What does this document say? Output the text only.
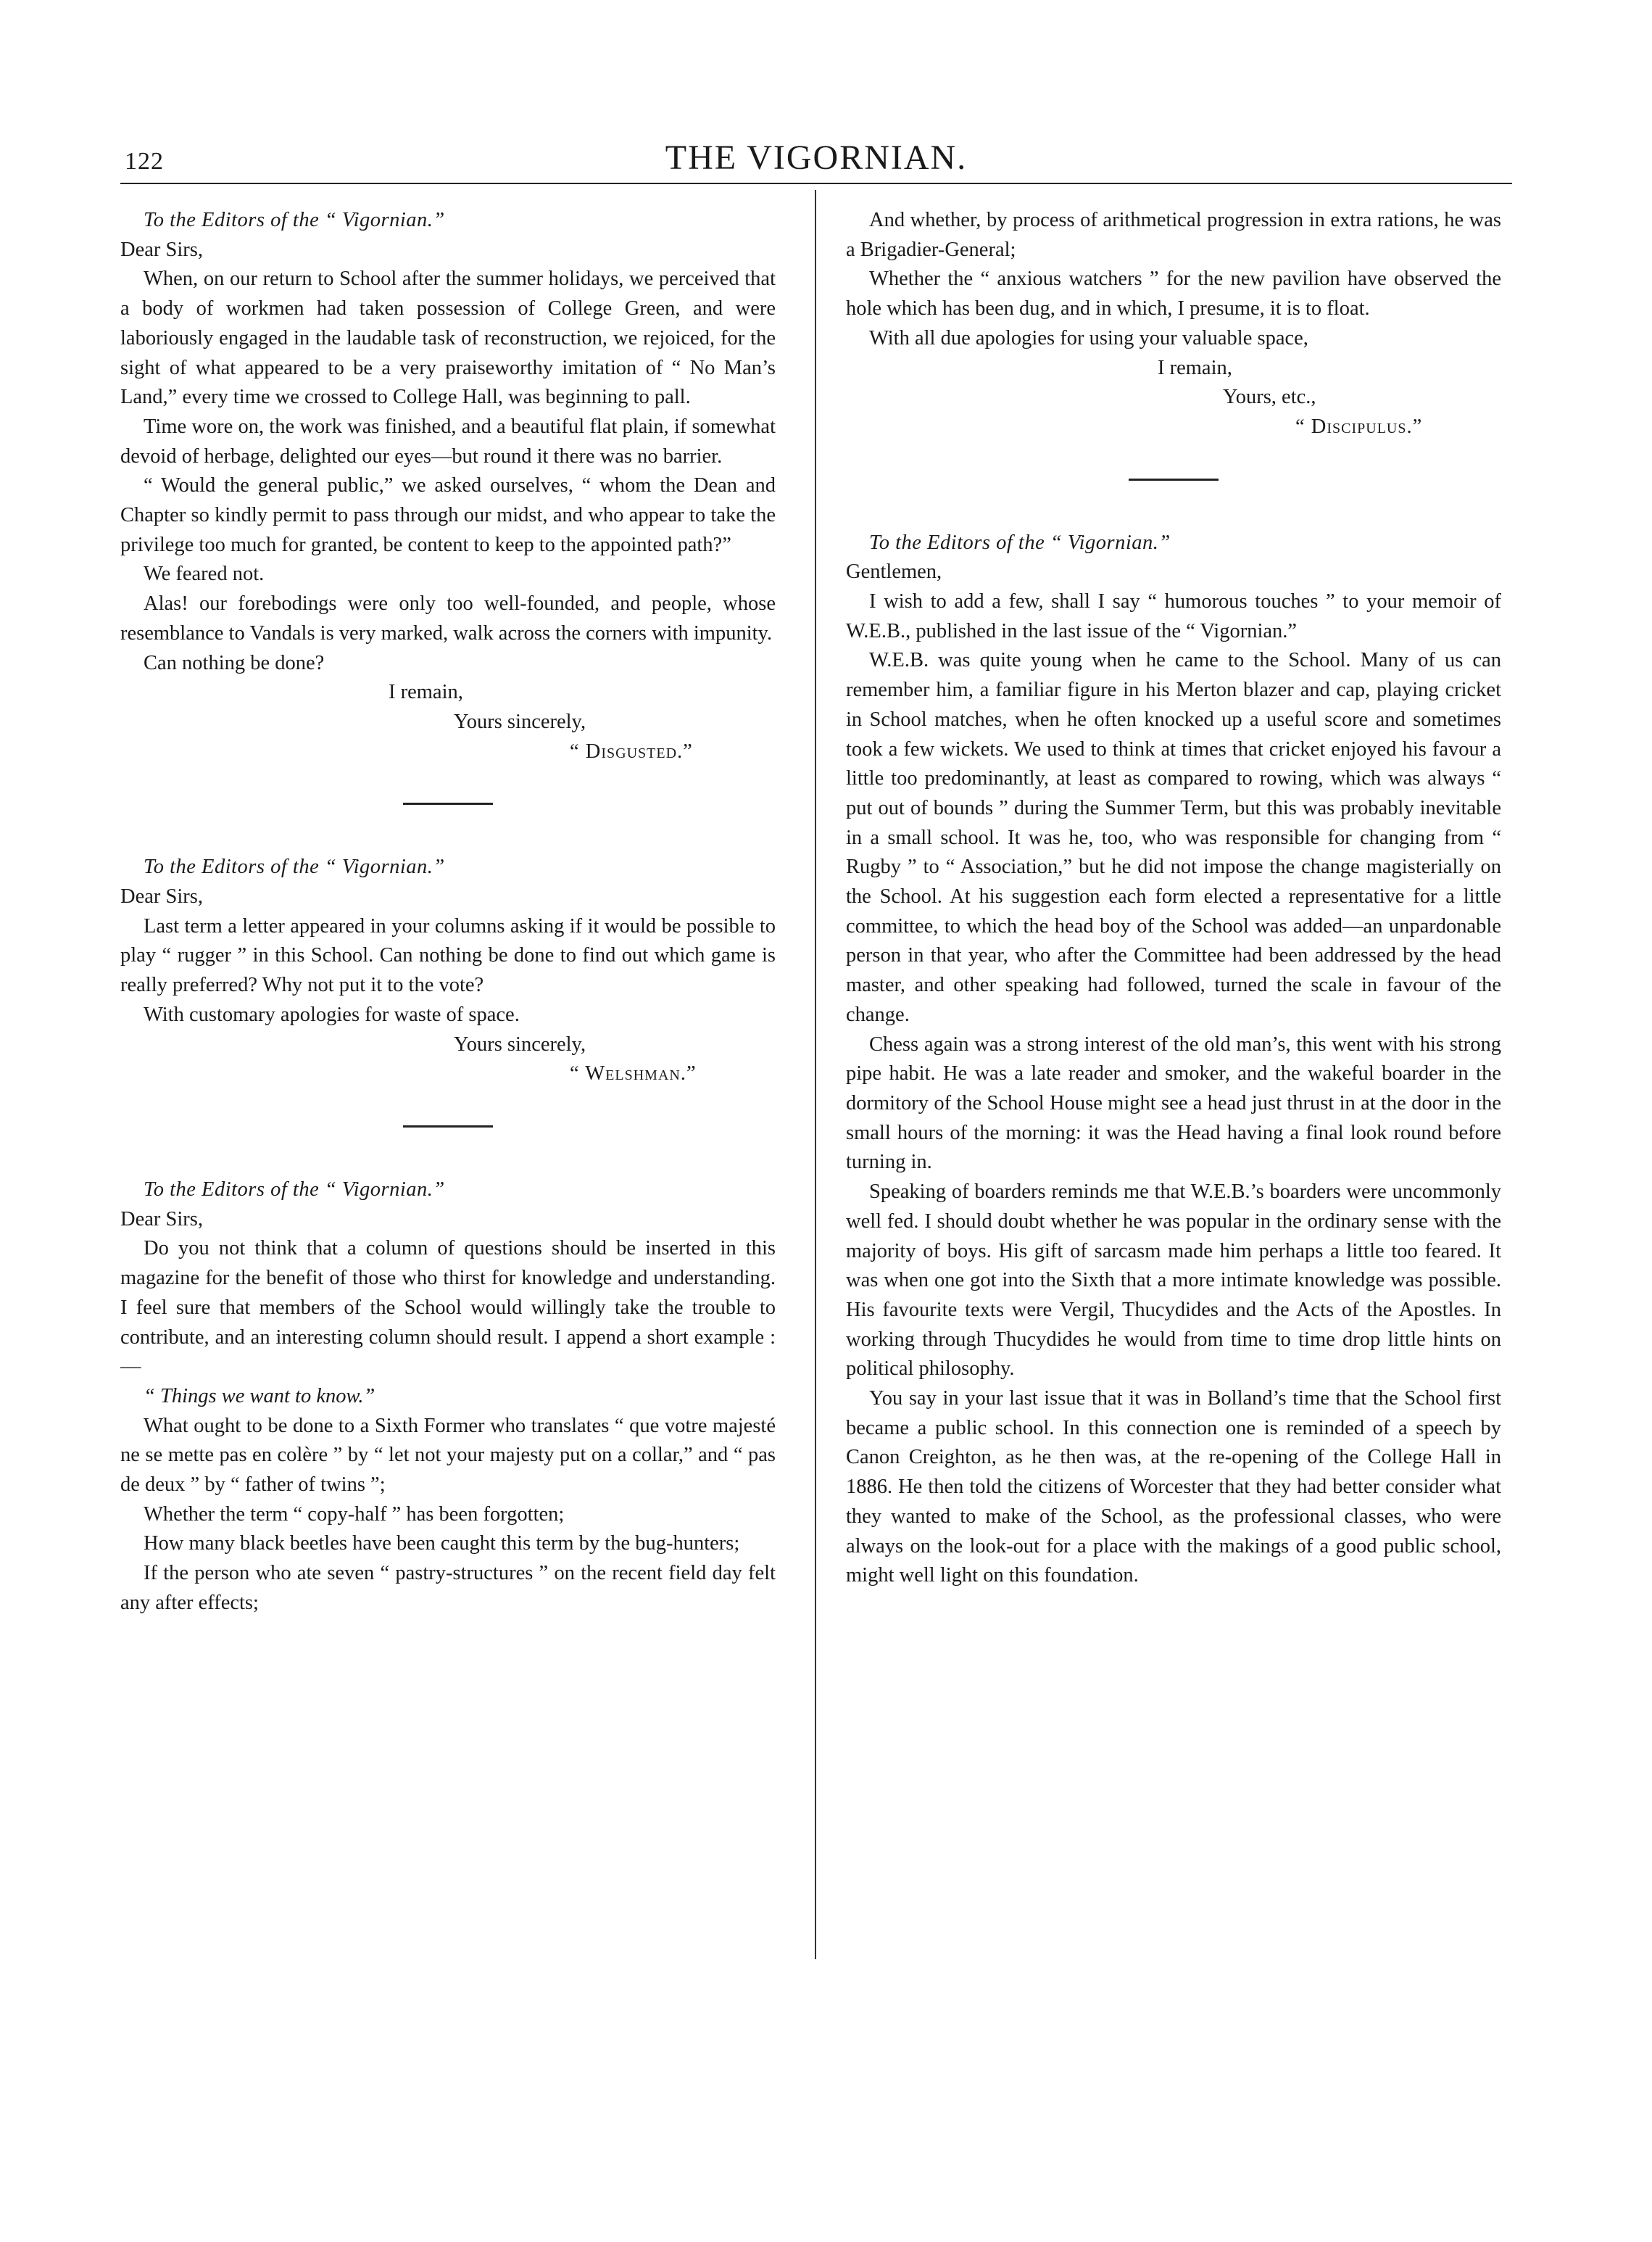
122	THE VIGORNIAN.

To the Editors of the “ Vigornian.”

Dear Sirs,

When, on our return to School after the summer holidays, we perceived that a body of workmen had taken possession of College Green, and were laboriously engaged in the laudable task of reconstruction, we rejoiced, for the sight of what appeared to be a very praiseworthy imitation of “ No Man’s Land,” every time we crossed to College Hall, was beginning to pall.

Time wore on, the work was finished, and a beautiful flat plain, if somewhat devoid of herbage, delighted our eyes—but round it there was no barrier.

“ Would the general public,” we asked ourselves, “ whom the Dean and Chapter so kindly permit to pass through our midst, and who appear to take the privilege too much for granted, be content to keep to the appointed path?”

We feared not.

Alas! our forebodings were only too well-founded, and people, whose resemblance to Vandals is very marked, walk across the corners with impunity.

Can nothing be done?

I remain,
Yours sincerely,
“ Disgusted.”

To the Editors of the “ Vigornian.”

Dear Sirs,

Last term a letter appeared in your columns asking if it would be possible to play “ rugger ” in this School. Can nothing be done to find out which game is really preferred? Why not put it to the vote?

With customary apologies for waste of space.

Yours sincerely,
“ Welshman.”

To the Editors of the “ Vigornian.”

Dear Sirs,

Do you not think that a column of questions should be inserted in this magazine for the benefit of those who thirst for knowledge and understanding. I feel sure that members of the School would willingly take the trouble to contribute, and an interesting column should result. I append a short example :—

“ Things we want to know.”

What ought to be done to a Sixth Former who translates “ que votre majesté ne se mette pas en colère ” by “ let not your majesty put on a collar,” and “ pas de deux ” by “ father of twins ”;

Whether the term “ copy-half ” has been forgotten;

How many black beetles have been caught this term by the bug-hunters;

If the person who ate seven “ pastry-structures ” on the recent field day felt any after effects;

And whether, by process of arithmetical progression in extra rations, he was a Brigadier-General;

Whether the “ anxious watchers ” for the new pavilion have observed the hole which has been dug, and in which, I presume, it is to float.

With all due apologies for using your valuable space,

I remain,
Yours, etc.,
“ Discipulus.”

To the Editors of the “ Vigornian.”

Gentlemen,

I wish to add a few, shall I say “ humorous touches ” to your memoir of W.E.B., published in the last issue of the “ Vigornian.”

W.E.B. was quite young when he came to the School. Many of us can remember him, a familiar figure in his Merton blazer and cap, playing cricket in School matches, when he often knocked up a useful score and sometimes took a few wickets. We used to think at times that cricket enjoyed his favour a little too predominantly, at least as compared to rowing, which was always “ put out of bounds ” during the Summer Term, but this was probably inevitable in a small school. It was he, too, who was responsible for changing from “ Rugby ” to “ Association,” but he did not impose the change magisterially on the School. At his suggestion each form elected a representative for a little committee, to which the head boy of the School was added—an unpardonable person in that year, who after the Committee had been addressed by the head master, and other speaking had followed, turned the scale in favour of the change.

Chess again was a strong interest of the old man’s, this went with his strong pipe habit. He was a late reader and smoker, and the wakeful boarder in the dormitory of the School House might see a head just thrust in at the door in the small hours of the morning: it was the Head having a final look round before turning in.

Speaking of boarders reminds me that W.E.B.’s boarders were uncommonly well fed. I should doubt whether he was popular in the ordinary sense with the majority of boys. His gift of sarcasm made him perhaps a little too feared. It was when one got into the Sixth that a more intimate knowledge was possible. His favourite texts were Vergil, Thucydides and the Acts of the Apostles. In working through Thucydides he would from time to time drop little hints on political philosophy.

You say in your last issue that it was in Bolland’s time that the School first became a public school. In this connection one is reminded of a speech by Canon Creighton, as he then was, at the re-opening of the College Hall in 1886. He then told the citizens of Worcester that they had better consider what they wanted to make of the School, as the professional classes, who were always on the look-out for a place with the makings of a good public school, might well light on this foundation.
